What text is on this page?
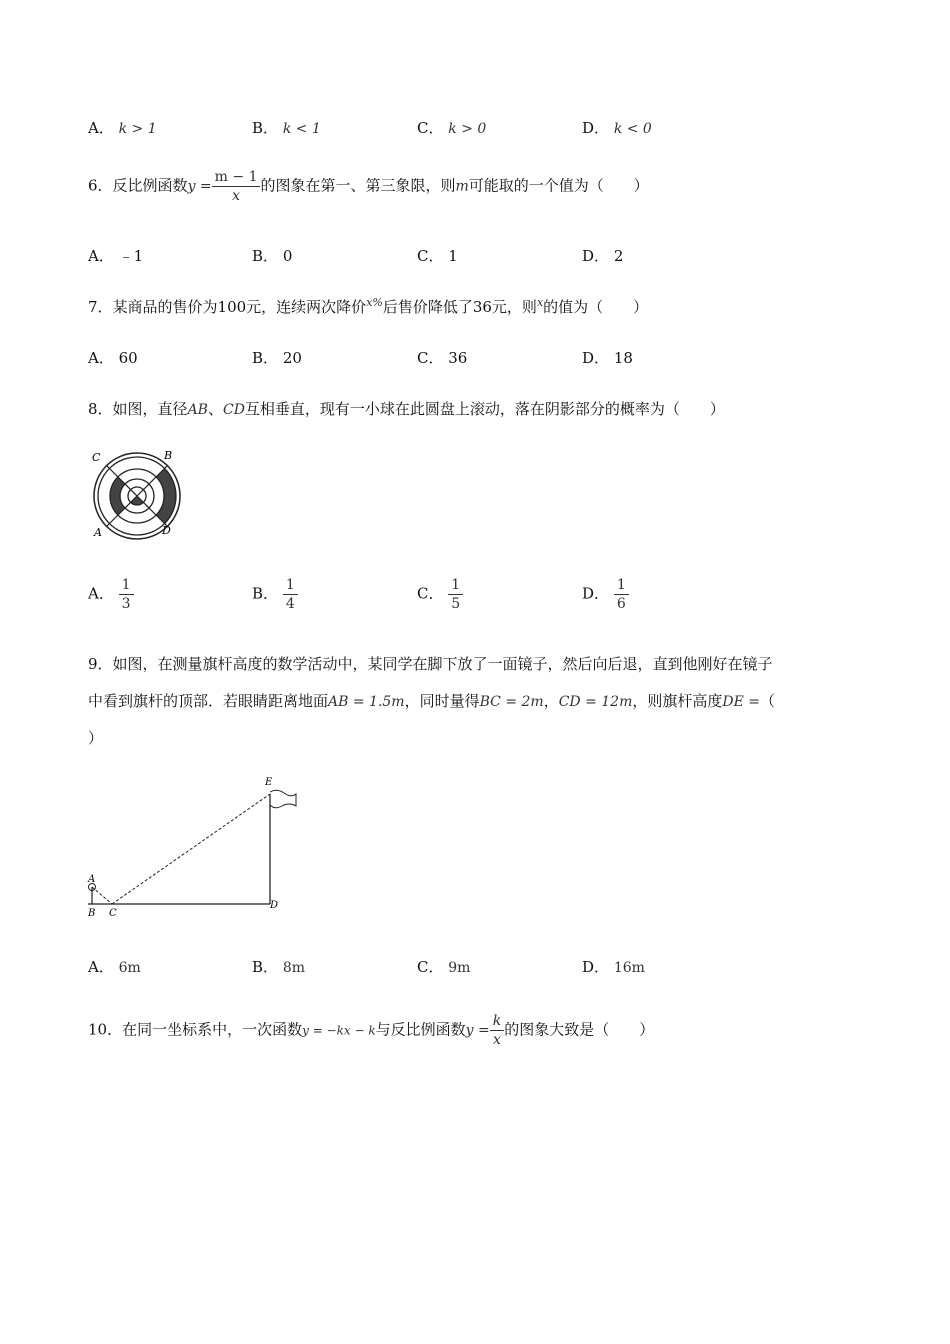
A． k > 1	B． k < 1	C． k > 0	D． k < 0
6．反比例函数$y = \frac{m - 1}{x}$ 的图象在第一、第三象限，则m可能取的一个值为（　　）
A． ﹣1	B． 0	C． 1	D． 2
7．某商品的售价为100元，连续两次降价$^{x\%}$后售价降低了36元，则$^x$的值为（　　）
A． 60	B． 20	C． 36	D． 18
8．如图，直径AB、CD互相垂直，现有一小球在此圆盘上滚动，落在阴影部分的概率为（　　）
C	B
A	D
A． $\frac{1}{3}$	B． $\frac{1}{4}$	C． $\frac{1}{5}$	D． $\frac{1}{6}$
9．如图，在测量旗杆高度的数学活动中，某同学在脚下放了一面镜子，然后向后退，直到他刚好在镜子
中看到旗杆的顶部．若眼睛距离地面AB = 1.5m，同时量得BC = 2m，CD = 12m，则旗杆高度DE =（
）
A
B C
D
E
A． 6m	B． 8m	C． 9m	D． 16m
10．在同一坐标系中，一次函数y = −kx − k与反比例函数$y = \frac{k}{x}$ 的图象大致是（　　）
